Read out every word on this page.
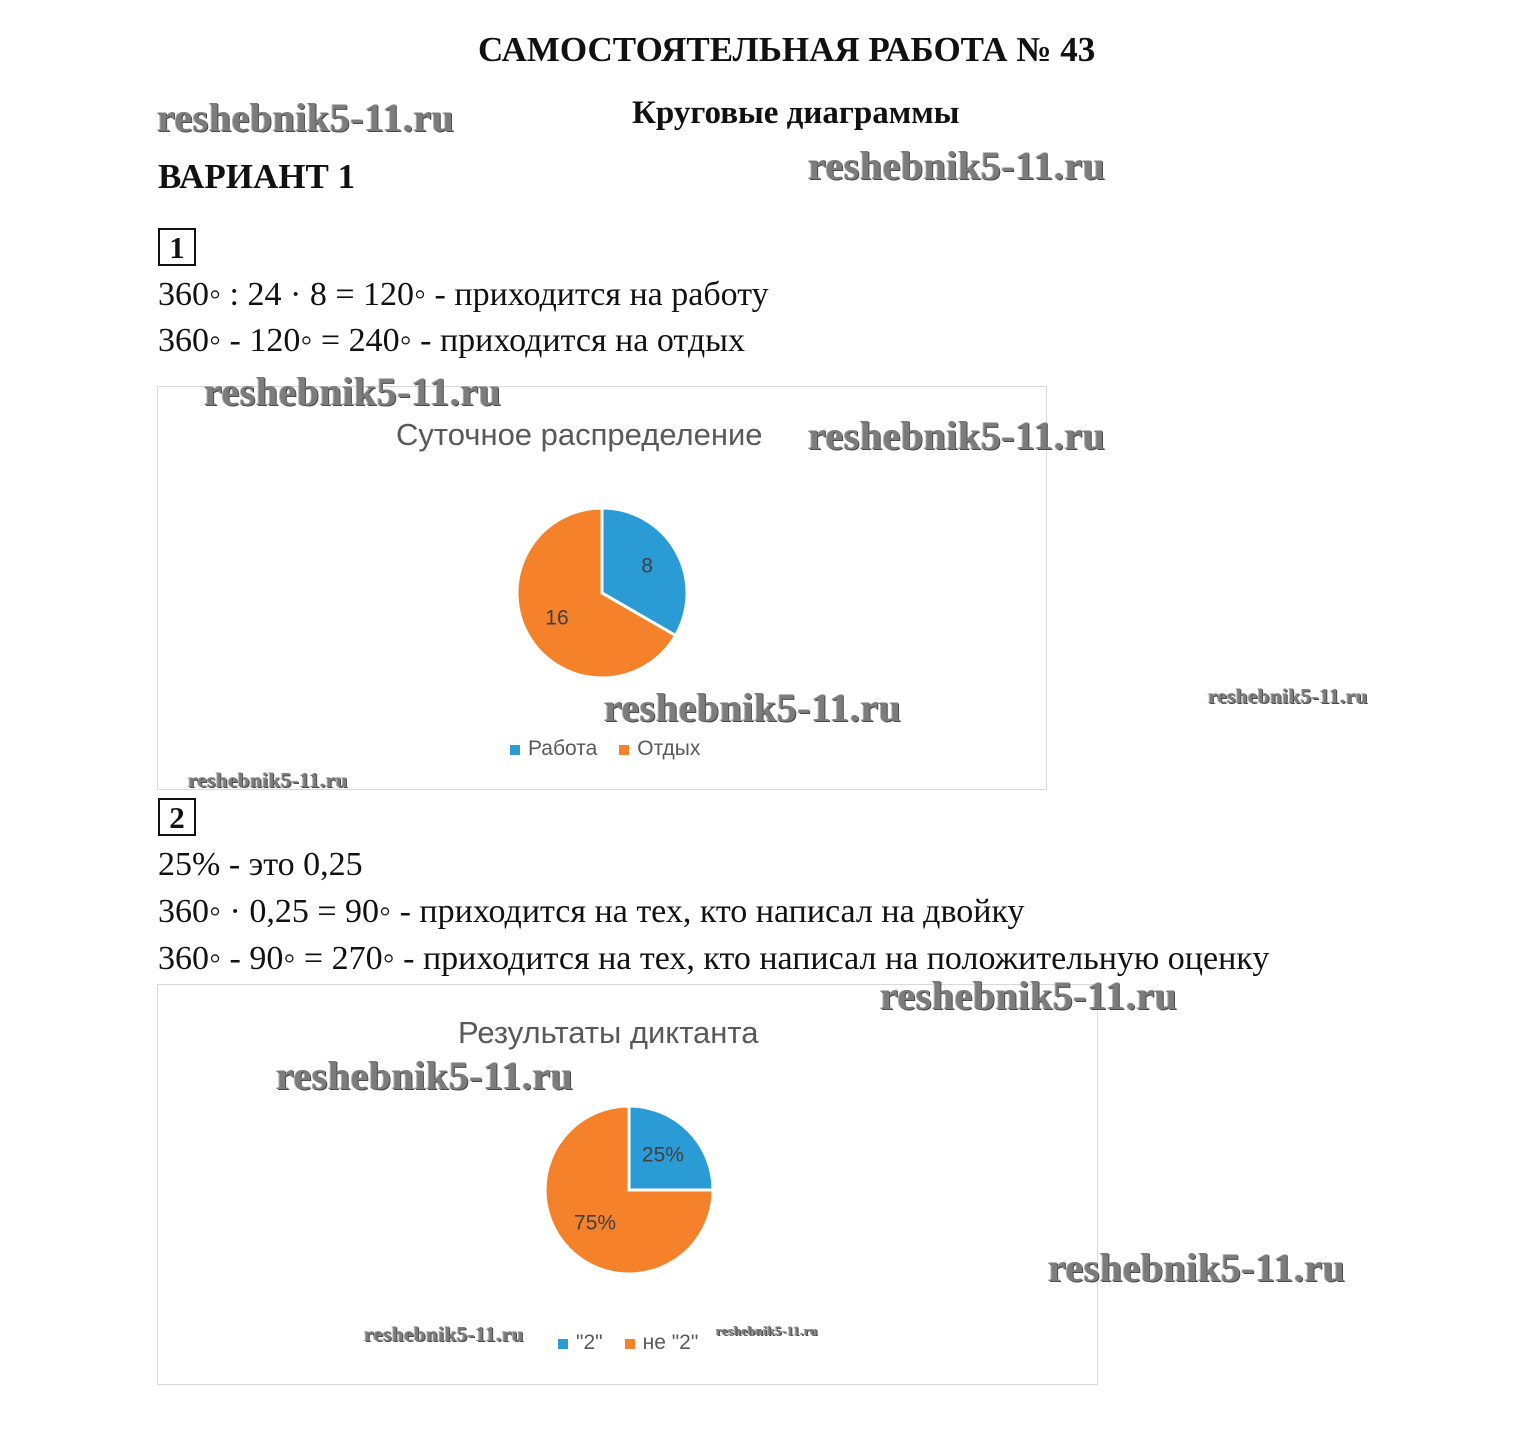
САМОСТОЯТЕЛЬНАЯ РАБОТА № 43
Круговые диаграммы
ВАРИАНТ 1
1
360◦ : 24 · 8 = 120◦ - приходится на работу
360◦ - 120◦ = 240◦ - приходится на отдых
Суточное распределение
8
16
Работа	Отдых
2
25% - это 0,25
360◦ · 0,25 = 90◦ - приходится на тех, кто написал на двойку
360◦ - 90◦ = 270◦ - приходится на тех, кто написал на положительную оценку
Результаты диктанта
25%
75%
"2"	не "2"
reshebnik5-11.ru
reshebnik5-11.ru
reshebnik5-11.ru
reshebnik5-11.ru
reshebnik5-11.ru	reshebnik5-11.ru
reshebnik5-11.ru
reshebnik5-11.ru
reshebnik5-11.ru
reshebnik5-11.ru
reshebnik5-11.ru	reshebnik5-11.ru
